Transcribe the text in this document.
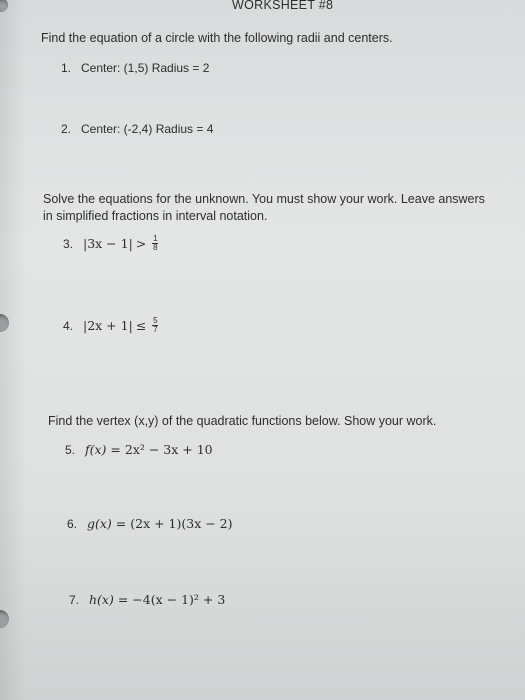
WORKSHEET #8
Find the equation of a circle with the following radii and centers.
1. Center: (1,5) Radius = 2
2. Center: (-2,4) Radius = 4
Solve the equations for the unknown. You must show your work. Leave answers
in simplified fractions in interval notation.
3. $|3x - 1| > \frac{1}{8}$
4. $|2x + 1| \le \frac{5}{7}$
Find the vertex (x,y) of the quadratic functions below. Show your work.
5. f(x) = 2x² − 3x + 10
6. g(x) = (2x + 1)(3x − 2)
7. h(x) = −4(x − 1)² + 3
